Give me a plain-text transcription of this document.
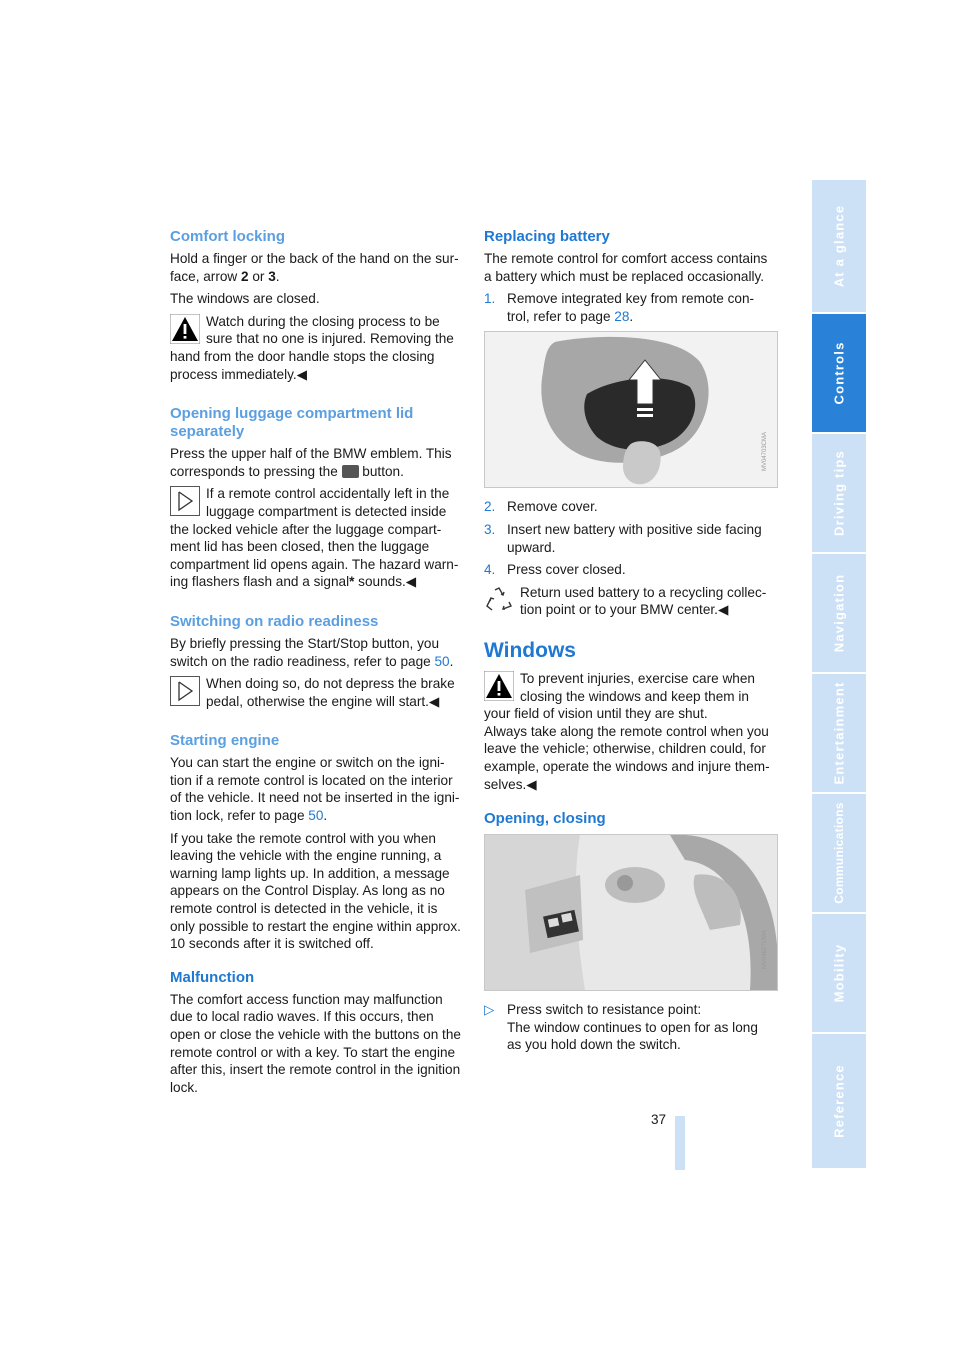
Comfort locking

Hold a finger or the back of the hand on the sur-face, arrow 2 or 3.

The windows are closed.

Watch during the closing process to be sure that no one is injured. Removing the hand from the door handle stops the closing process immediately.◀
Opening luggage compartment lid separately

Press the upper half of the BMW emblem. This corresponds to pressing the  button.

If a remote control accidentally left in the luggage compartment is detected inside the locked vehicle after the luggage compart-ment lid has been closed, then the luggage compartment lid opens again. The hazard warn-ing flashers flash and a signal* sounds.◀
Switching on radio readiness

By briefly pressing the Start/Stop button, you switch on the radio readiness, refer to page 50.

When doing so, do not depress the brake pedal, otherwise the engine will start.◀
Starting engine

You can start the engine or switch on the igni-tion if a remote control is located on the interior of the vehicle. It need not be inserted in the igni-tion lock, refer to page 50.

If you take the remote control with you when leaving the vehicle with the engine running, a warning lamp lights up. In addition, a message appears on the Control Display. As long as no remote control is detected in the vehicle, it is only possible to restart the engine within approx. 10 seconds after it is switched off.

Malfunction

The comfort access function may malfunction due to local radio waves. If this occurs, then open or close the vehicle with the buttons on the remote control or with a key. To start the engine after this, insert the remote control in the ignition lock.

Replacing battery

The remote control for comfort access contains a battery which must be replaced occasionally.

1. Remove integrated key from remote con-trol, refer to page 28.
MV04703CMA
2. Remove cover.
3. Insert new battery with positive side facing upward.
4. Press cover closed.
Return used battery to a recycling collec-tion point or to your BMW center.◀
Windows
To prevent injuries, exercise care when closing the windows and keep them in your field of vision until they are shut.
Always take along the remote control when you leave the vehicle; otherwise, children could, for example, operate the windows and injure them-selves.◀
Opening, closing
MV04627CMA
▷ Press switch to resistance point:
The window continues to open for as long as you hold down the switch.
37
At a glance
Controls
Driving tips
Navigation
Entertainment
Communications
Mobility
Reference
